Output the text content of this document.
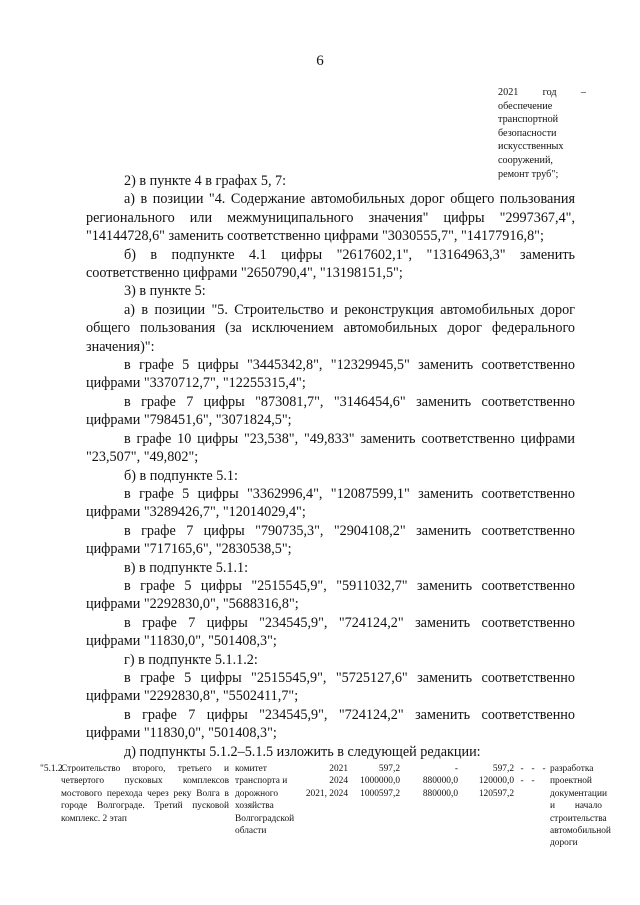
6
2021 год – обеспечение транспортной безопасности искусственных сооружений, ремонт труб";

2) в пункте 4 в графах 5, 7:

а) в позиции "4. Содержание автомобильных дорог общего пользования регионального или межмуниципального значения" цифры "2997367,4", "14144728,6" заменить соответственно цифрами "3030555,7", "14177916,8";

б) в подпункте 4.1 цифры "2617602,1", "13164963,3" заменить соответственно цифрами "2650790,4", "13198151,5";

3) в пункте 5:

а) в позиции "5. Строительство и реконструкция автомобильных дорог общего пользования (за исключением автомобильных дорог федерального значения)":

в графе 5 цифры "3445342,8", "12329945,5" заменить соответственно цифрами "3370712,7", "12255315,4";

в графе 7 цифры "873081,7", "3146454,6" заменить соответственно цифрами "798451,6", "3071824,5";

в графе 10 цифры "23,538", "49,833" заменить соответственно цифрами "23,507", "49,802";

б) в подпункте 5.1:

в графе 5 цифры "3362996,4", "12087599,1" заменить соответственно цифрами "3289426,7", "12014029,4";

в графе 7 цифры "790735,3", "2904108,2" заменить соответственно цифрами "717165,6", "2830538,5";

в) в подпункте 5.1.1:

в графе 5 цифры "2515545,9", "5911032,7" заменить соответственно цифрами "2292830,0", "5688316,8";

в графе 7 цифры "234545,9", "724124,2" заменить соответственно цифрами "11830,0", "501408,3";

г) в подпункте 5.1.1.2:

в графе 5 цифры "2515545,9", "5725127,6" заменить соответственно цифрами "2292830,8", "5502411,7";

в графе 7 цифры "234545,9", "724124,2" заменить соответственно цифрами "11830,0", "501408,3";

д) подпункты 5.1.2–5.1.5 изложить в следующей редакции:

"5.1.2.
Строительство второго, третьего и четвертого пусковых комплексов мостового перехода через реку Волга в городе Волгограде. Третий пусковой комплекс. 2 этап
комитет транспорта и дорожного хозяйства Волгоградской области
2021
2024
2021, 2024
597,2
1000000,0
1000597,2
-
880000,0
880000,0
597,2
120000,0
120597,2
-
-
-
-
- разработка проектной документации и начало строительства автомобильной дороги
